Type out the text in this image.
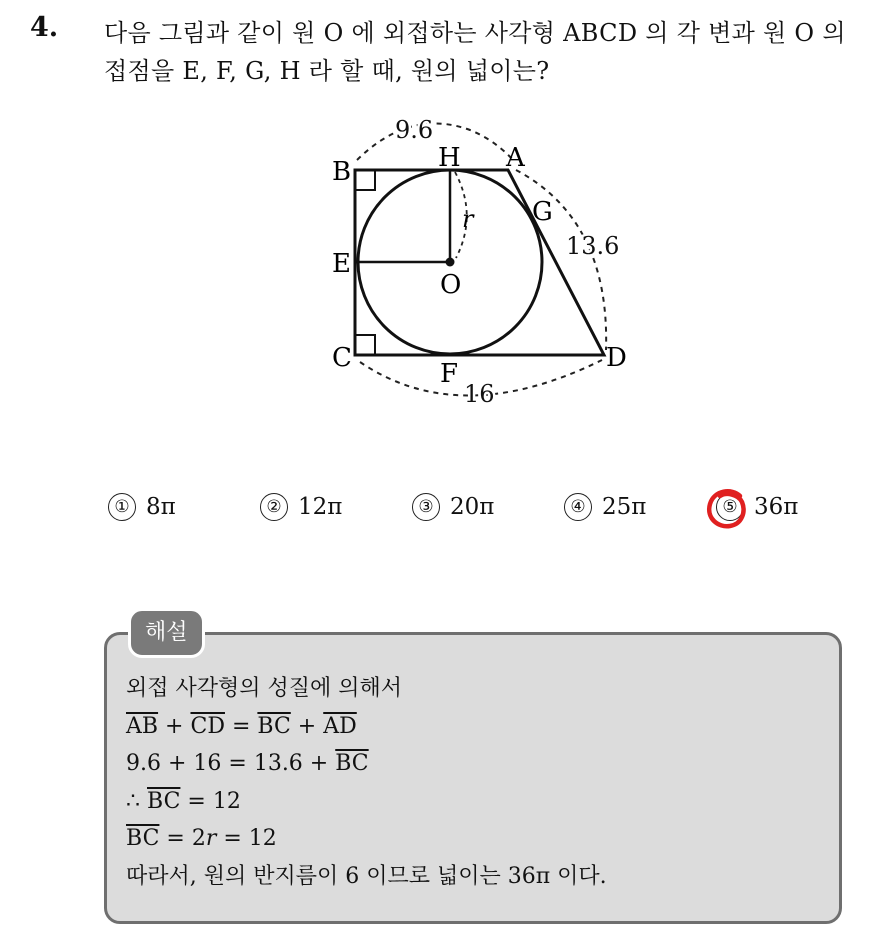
4. 다음 그림과 같이 원 O 에 외접하는 사각형 ABCD 의 각 변과 원 O 의 접점을 E, F, G, H 라 할 때, 원의 넓이는?
B	H A
G
E
O
C
F
D
r
9.6
13.6
16
① 8π	② 12π	③ 20π	④ 25π	⑤ 36π
해설
외접 사각형의 성질에 의해서
$\overline{AB} + \overline{CD} = \overline{BC} + \overline{AD}$
$9.6 + 16 = 13.6 + \overline{BC}$
∴ $\overline{BC} = 12$
$\overline{BC} = 2r = 12$
따라서, 원의 반지름이 6 이므로 넓이는 36π 이다.
